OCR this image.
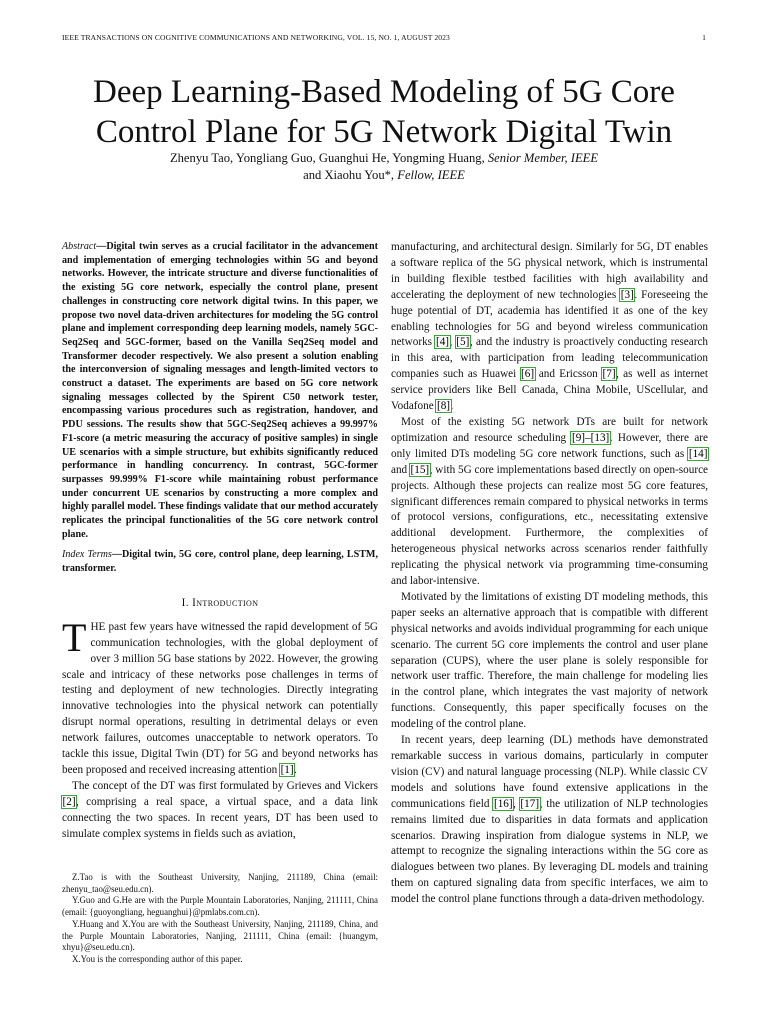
IEEE TRANSACTIONS ON COGNITIVE COMMUNICATIONS AND NETWORKING, VOL. 15, NO. 1, AUGUST 2023	1
Deep Learning-Based Modeling of 5G Core Control Plane for 5G Network Digital Twin
Zhenyu Tao, Yongliang Guo, Guanghui He, Yongming Huang, Senior Member, IEEE
and Xiaohu You*, Fellow, IEEE

Abstract—Digital twin serves as a crucial facilitator in the advancement and implementation of emerging technologies within 5G and beyond networks. However, the intricate structure and diverse functionalities of the existing 5G core network, especially the control plane, present challenges in constructing core network digital twins. In this paper, we propose two novel data-driven architectures for modeling the 5G control plane and implement corresponding deep learning models, namely 5GC-Seq2Seq and 5GC-former, based on the Vanilla Seq2Seq model and Transformer decoder respectively. We also present a solution enabling the interconversion of signaling messages and length-limited vectors to construct a dataset. The experiments are based on 5G core network signaling messages collected by the Spirent C50 network tester, encompassing various procedures such as registration, handover, and PDU sessions. The results show that 5GC-Seq2Seq achieves a 99.997% F1-score (a metric measuring the accuracy of positive samples) in single UE scenarios with a simple structure, but exhibits significantly reduced performance in handling concurrency. In contrast, 5GC-former surpasses 99.999% F1-score while maintaining robust performance under concurrent UE scenarios by constructing a more complex and highly parallel model. These findings validate that our method accurately replicates the principal functionalities of the 5G core network control plane.

Index Terms—Digital twin, 5G core, control plane, deep learning, LSTM, transformer.

I. Introduction

THE past few years have witnessed the rapid development of 5G communication technologies, with the global deployment of over 3 million 5G base stations by 2022. However, the growing scale and intricacy of these networks pose challenges in terms of testing and deployment of new technologies. Directly integrating innovative technologies into the physical network can potentially disrupt normal operations, resulting in detrimental delays or even network failures, outcomes unacceptable to network operators. To tackle this issue, Digital Twin (DT) for 5G and beyond networks has been proposed and received increasing attention [1].

The concept of the DT was first formulated by Grieves and Vickers [2], comprising a real space, a virtual space, and a data link connecting the two spaces. In recent years, DT has been used to simulate complex systems in fields such as aviation,

Z.Tao is with the Southeast University, Nanjing, 211189, China (email: zhenyu_tao@seu.edu.cn).

Y.Guo and G.He are with the Purple Mountain Laboratories, Nanjing, 211111, China (email: {guoyongliang, heguanghui}@pmlabs.com.cn).

Y.Huang and X.You are with the Southeast University, Nanjing, 211189, China, and the Purple Mountain Laboratories, Nanjing, 211111, China (email: {huangym, xhyu}@seu.edu.cn).

X.You is the corresponding author of this paper.

manufacturing, and architectural design. Similarly for 5G, DT enables a software replica of the 5G physical network, which is instrumental in building flexible testbed facilities with high availability and accelerating the deployment of new technologies [3]. Foreseeing the huge potential of DT, academia has identified it as one of the key enabling technologies for 5G and beyond wireless communication networks [4], [5], and the industry is proactively conducting research in this area, with participation from leading telecommunication companies such as Huawei [6] and Ericsson [7], as well as internet service providers like Bell Canada, China Mobile, UScellular, and Vodafone [8].

Most of the existing 5G network DTs are built for network optimization and resource scheduling [9]–[13]. However, there are only limited DTs modeling 5G core network functions, such as [14] and [15], with 5G core implementations based directly on open-source projects. Although these projects can realize most 5G core features, significant differences remain compared to physical networks in terms of protocol versions, configurations, etc., necessitating extensive additional development. Furthermore, the complexities of heterogeneous physical networks across scenarios render faithfully replicating the physical network via programming time-consuming and labor-intensive.

Motivated by the limitations of existing DT modeling methods, this paper seeks an alternative approach that is compatible with different physical networks and avoids individual programming for each unique scenario. The current 5G core implements the control and user plane separation (CUPS), where the user plane is solely responsible for network user traffic. Therefore, the main challenge for modeling lies in the control plane, which integrates the vast majority of network functions. Consequently, this paper specifically focuses on the modeling of the control plane.

In recent years, deep learning (DL) methods have demonstrated remarkable success in various domains, particularly in computer vision (CV) and natural language processing (NLP). While classic CV models and solutions have found extensive applications in the communications field [16], [17], the utilization of NLP technologies remains limited due to disparities in data formats and application scenarios. Drawing inspiration from dialogue systems in NLP, we attempt to recognize the signaling interactions within the 5G core as dialogues between two planes. By leveraging DL models and training them on captured signaling data from specific interfaces, we aim to model the control plane functions through a data-driven methodology.
